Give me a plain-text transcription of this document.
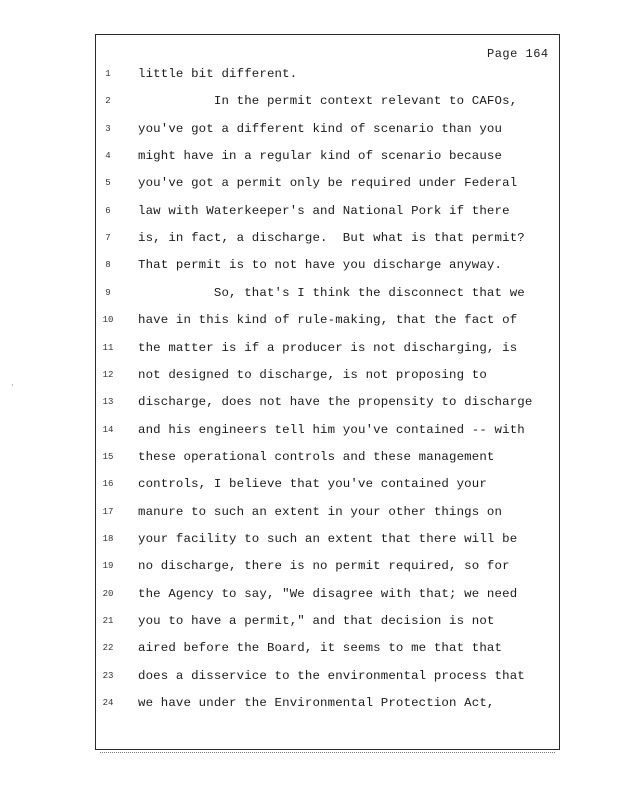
·
Page 164
1	little bit different.
2	In the permit context relevant to CAFOs,
3	you've got a different kind of scenario than you
4	might have in a regular kind of scenario because
5	you've got a permit only be required under Federal
6	law with Waterkeeper's and National Pork if there
7	is, in fact, a discharge.  But what is that permit?
8	That permit is to not have you discharge anyway.
9	So, that's I think the disconnect that we
10	have in this kind of rule-making, that the fact of
11	the matter is if a producer is not discharging, is
12	not designed to discharge, is not proposing to
13	discharge, does not have the propensity to discharge
14	and his engineers tell him you've contained -- with
15	these operational controls and these management
16	controls, I believe that you've contained your
17	manure to such an extent in your other things on
18	your facility to such an extent that there will be
19	no discharge, there is no permit required, so for
20	the Agency to say, "We disagree with that; we need
21	you to have a permit," and that decision is not
22	aired before the Board, it seems to me that that
23	does a disservice to the environmental process that
24	we have under the Environmental Protection Act,
